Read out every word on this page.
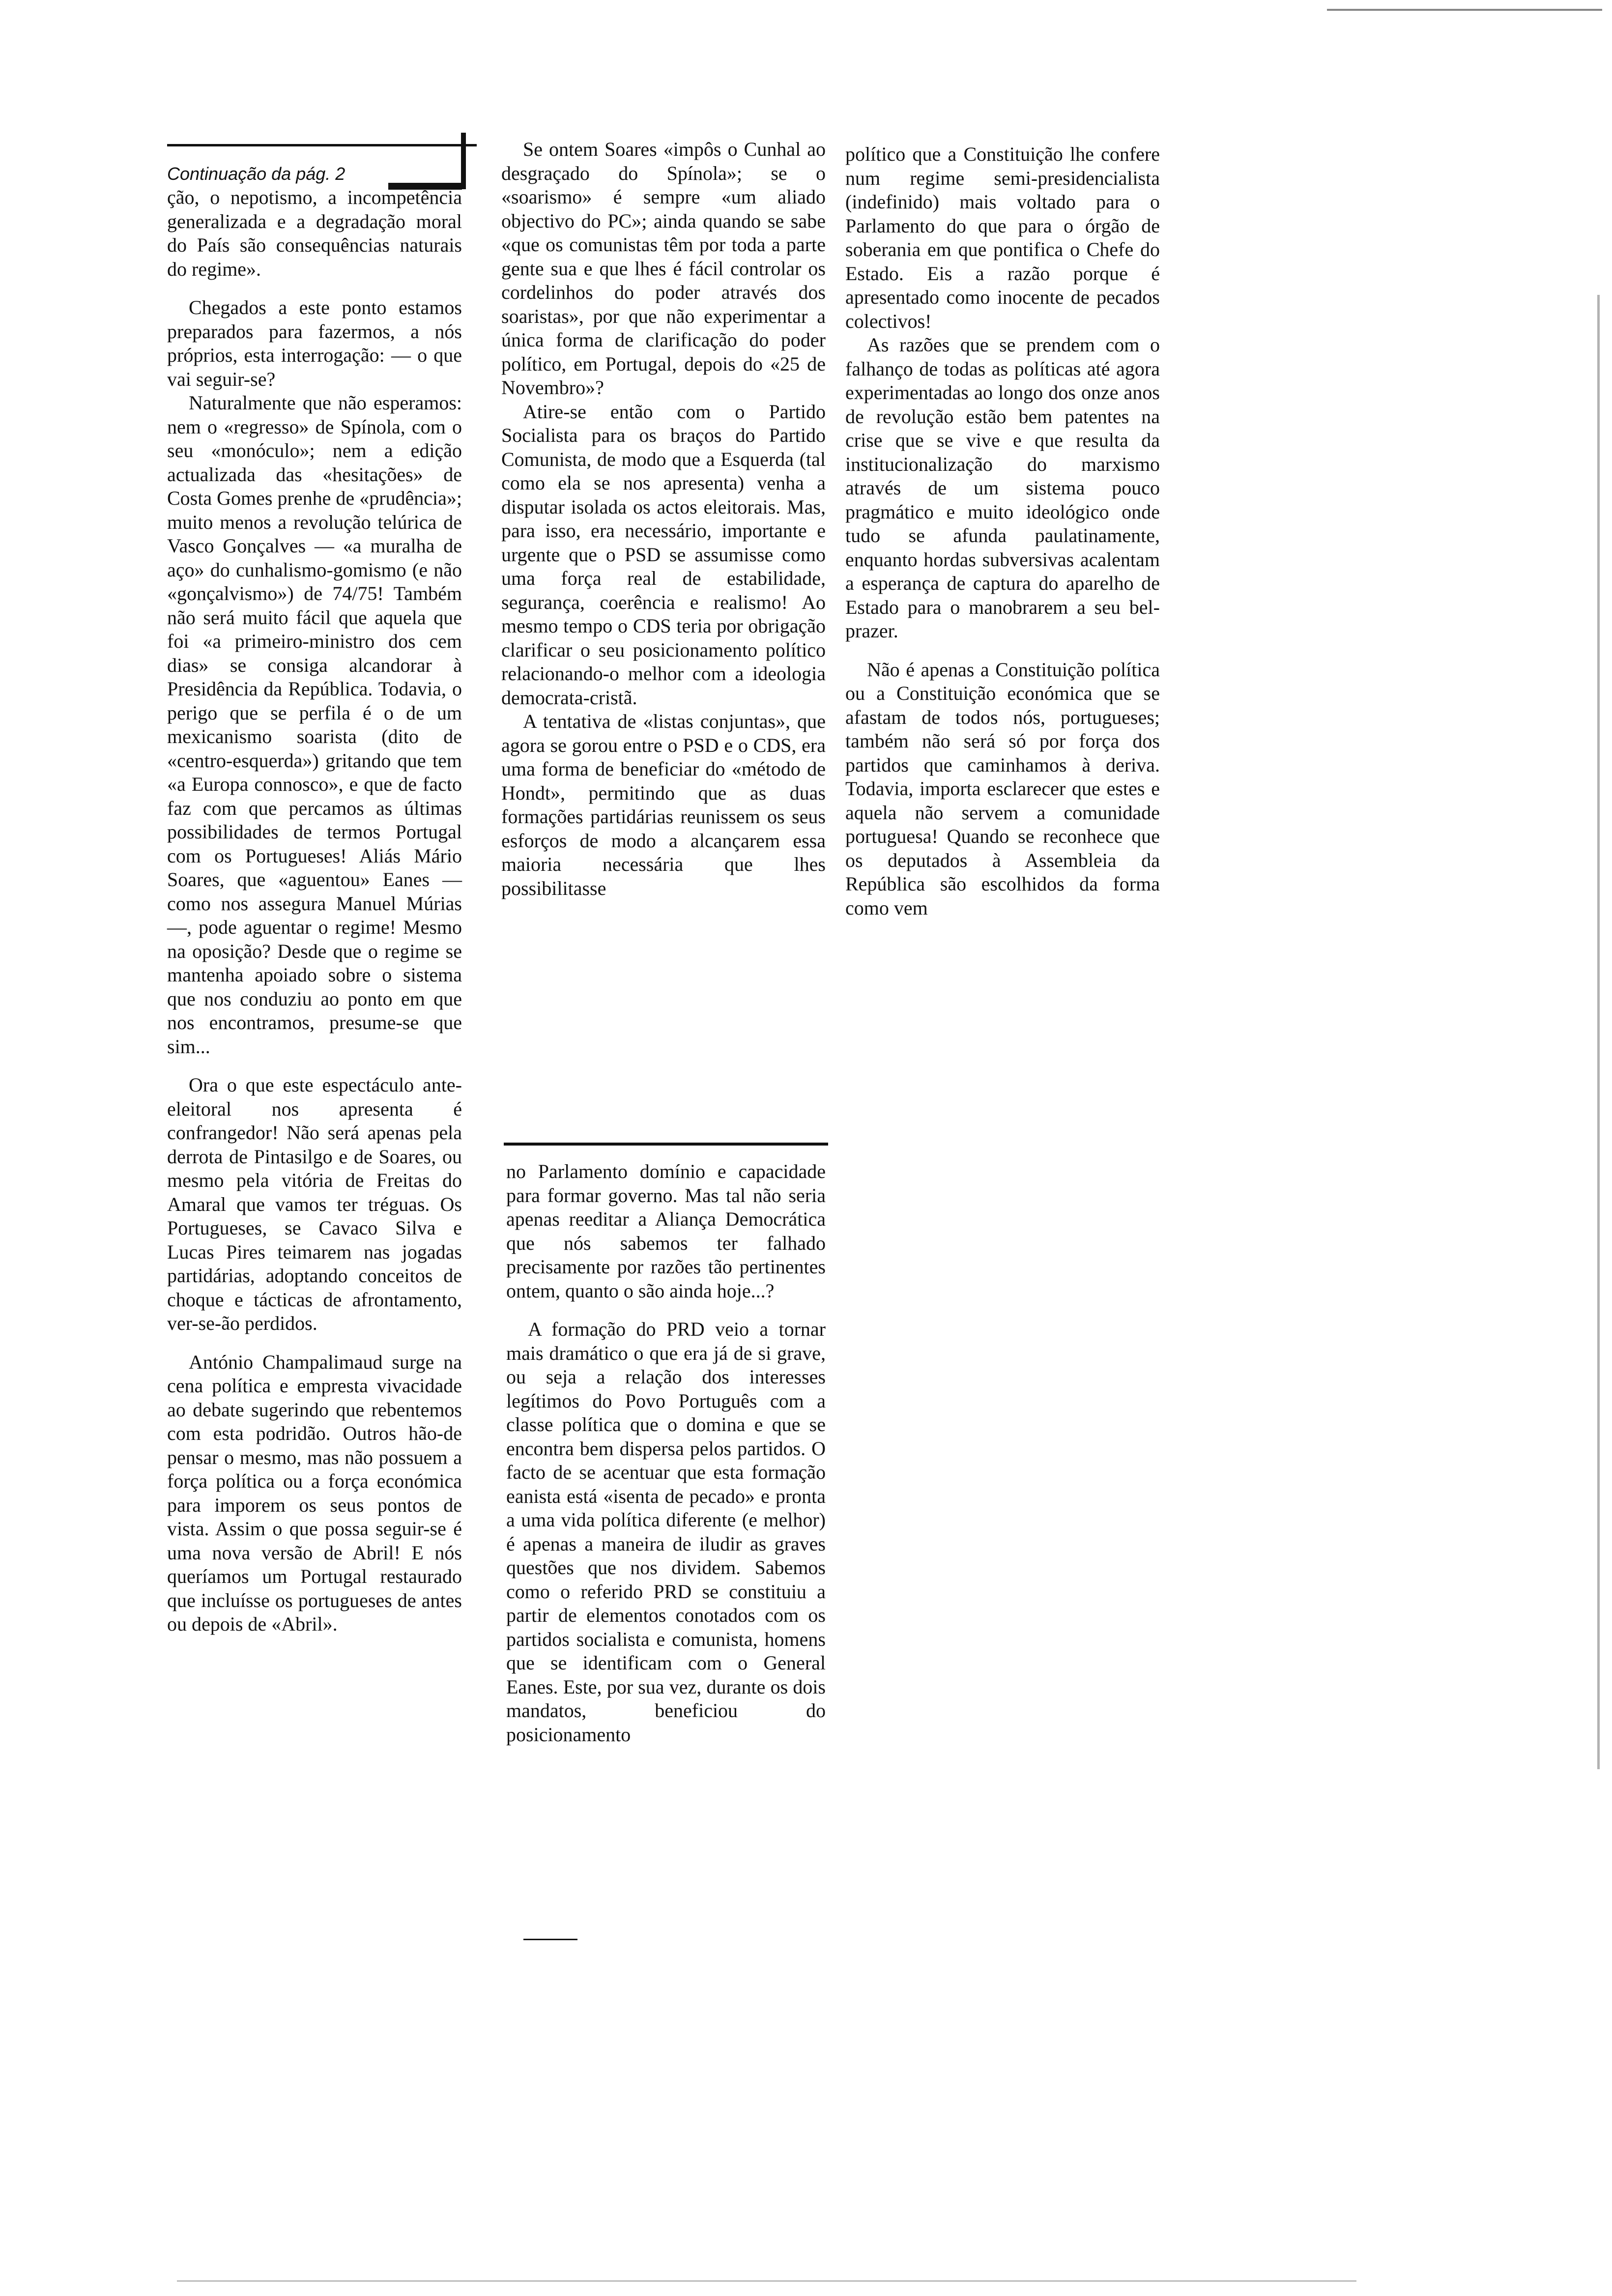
Continuação da pág. 2

ção, o nepotismo, a incompetência generalizada e a degradação moral do País são consequências naturais do regime».

Chegados a este ponto estamos preparados para fazermos, a nós próprios, esta interrogação: — o que vai seguir-se?

Naturalmente que não esperamos: nem o «regresso» de Spínola, com o seu «monóculo»; nem a edição actualizada das «hesitações» de Costa Gomes prenhe de «prudência»; muito menos a revolução telúrica de Vasco Gonçalves — «a muralha de aço» do cunhalismo-gomismo (e não «gonçalvismo») de 74/75! Também não será muito fácil que aquela que foi «a primeiro-ministro dos cem dias» se consiga alcandorar à Presidência da República. Todavia, o perigo que se perfila é o de um mexicanismo soarista (dito de «centro-esquerda») gritando que tem «a Europa connosco», e que de facto faz com que percamos as últimas possibilidades de termos Portugal com os Portugueses! Aliás Mário Soares, que «aguentou» Eanes — como nos assegura Manuel Múrias —, pode aguentar o regime! Mesmo na oposição? Desde que o regime se mantenha apoiado sobre o sistema que nos conduziu ao ponto em que nos encontramos, presume-se que sim...

Ora o que este espectáculo ante-eleitoral nos apresenta é confrangedor! Não será apenas pela derrota de Pintasilgo e de Soares, ou mesmo pela vitória de Freitas do Amaral que vamos ter tréguas. Os Portugueses, se Cavaco Silva e Lucas Pires teimarem nas jogadas partidárias, adoptando conceitos de choque e tácticas de afrontamento, ver-se-ão perdidos.

António Champalimaud surge na cena política e empresta vivacidade ao debate sugerindo que rebentemos com esta podridão. Outros hão-de pensar o mesmo, mas não possuem a força política ou a força económica para imporem os seus pontos de vista. Assim o que possa seguir-se é uma nova versão de Abril! E nós queríamos um Portugal restaurado que incluísse os portugueses de antes ou depois de «Abril».

Se ontem Soares «impôs o Cunhal ao desgraçado do Spínola»; se o «soarismo» é sempre «um aliado objectivo do PC»; ainda quando se sabe «que os comunistas têm por toda a parte gente sua e que lhes é fácil controlar os cordelinhos do poder através dos soaristas», por que não experimentar a única forma de clarificação do poder político, em Portugal, depois do «25 de Novembro»?

Atire-se então com o Partido Socialista para os braços do Partido Comunista, de modo que a Esquerda (tal como ela se nos apresenta) venha a disputar isolada os actos eleitorais. Mas, para isso, era necessário, importante e urgente que o PSD se assumisse como uma força real de estabilidade, segurança, coerência e realismo! Ao mesmo tempo o CDS teria por obrigação clarificar o seu posicionamento político relacionando-o melhor com a ideologia democrata-cristã.

A tentativa de «listas conjuntas», que agora se gorou entre o PSD e o CDS, era uma forma de beneficiar do «método de Hondt», permitindo que as duas formações partidárias reunissem os seus esforços de modo a alcançarem essa maioria necessária que lhes possibilitasse

no Parlamento domínio e capacidade para formar governo. Mas tal não seria apenas reeditar a Aliança Democrática que nós sabemos ter falhado precisamente por razões tão pertinentes ontem, quanto o são ainda hoje...?

A formação do PRD veio a tornar mais dramático o que era já de si grave, ou seja a relação dos interesses legítimos do Povo Português com a classe política que o domina e que se encontra bem dispersa pelos partidos. O facto de se acentuar que esta formação eanista está «isenta de pecado» e pronta a uma vida política diferente (e melhor) é apenas a maneira de iludir as graves questões que nos dividem. Sabemos como o referido PRD se constituiu a partir de elementos conotados com os partidos socialista e comunista, homens que se identificam com o General Eanes. Este, por sua vez, durante os dois mandatos, beneficiou do posicionamento

político que a Constituição lhe confere num regime semi-presidencialista (indefinido) mais voltado para o Parlamento do que para o órgão de soberania em que pontifica o Chefe do Estado. Eis a razão porque é apresentado como inocente de pecados colectivos!

As razões que se prendem com o falhanço de todas as políticas até agora experimentadas ao longo dos onze anos de revolução estão bem patentes na crise que se vive e que resulta da institucionalização do marxismo através de um sistema pouco pragmático e muito ideológico onde tudo se afunda paulatinamente, enquanto hordas subversivas acalentam a esperança de captura do aparelho de Estado para o manobrarem a seu bel-prazer.

Não é apenas a Constituição política ou a Constituição económica que se afastam de todos nós, portugueses; também não será só por força dos partidos que caminhamos à deriva. Todavia, importa esclarecer que estes e aquela não servem a comunidade portuguesa! Quando se reconhece que os deputados à Assembleia da República são escolhidos da forma como vem
